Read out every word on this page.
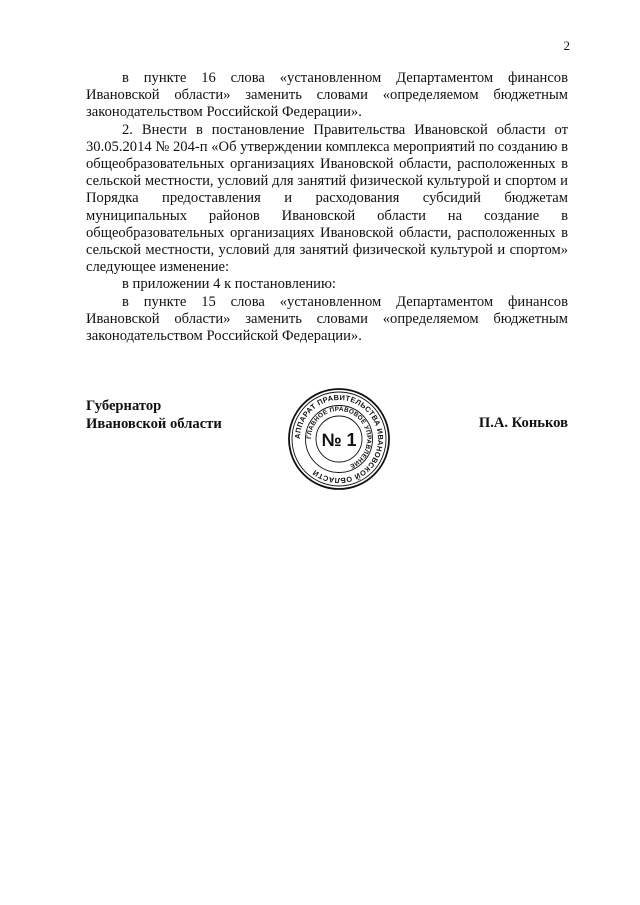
2

в пункте 16 слова «установленном Департаментом финансов Ивановской области» заменить словами «определяемом бюджетным законодательством Российской Федерации».

2. Внести в постановление Правительства Ивановской области от 30.05.2014 № 204-п «Об утверждении комплекса мероприятий по созданию в общеобразовательных организациях Ивановской области, расположенных в сельской местности, условий для занятий физической культурой и спортом и Порядка предоставления и расходования субсидий бюджетам муниципальных районов Ивановской области на создание в общеобразовательных организациях Ивановской области, расположенных в сельской местности, условий для занятий физической культурой и спортом» следующее изменение:

в приложении 4 к постановлению:

в пункте 15 слова «установленном Департаментом финансов Ивановской области» заменить словами «определяемом бюджетным законодательством Российской Федерации».

Губернатор
Ивановской области
АППАРАТ ПРАВИТЕЛЬСТВА ИВАНОВСКОЙ ОБЛАСТИ
ГЛАВНОЕ ПРАВОВОЕ УПРАВЛЕНИЕ
№ 1
П.А. Коньков
